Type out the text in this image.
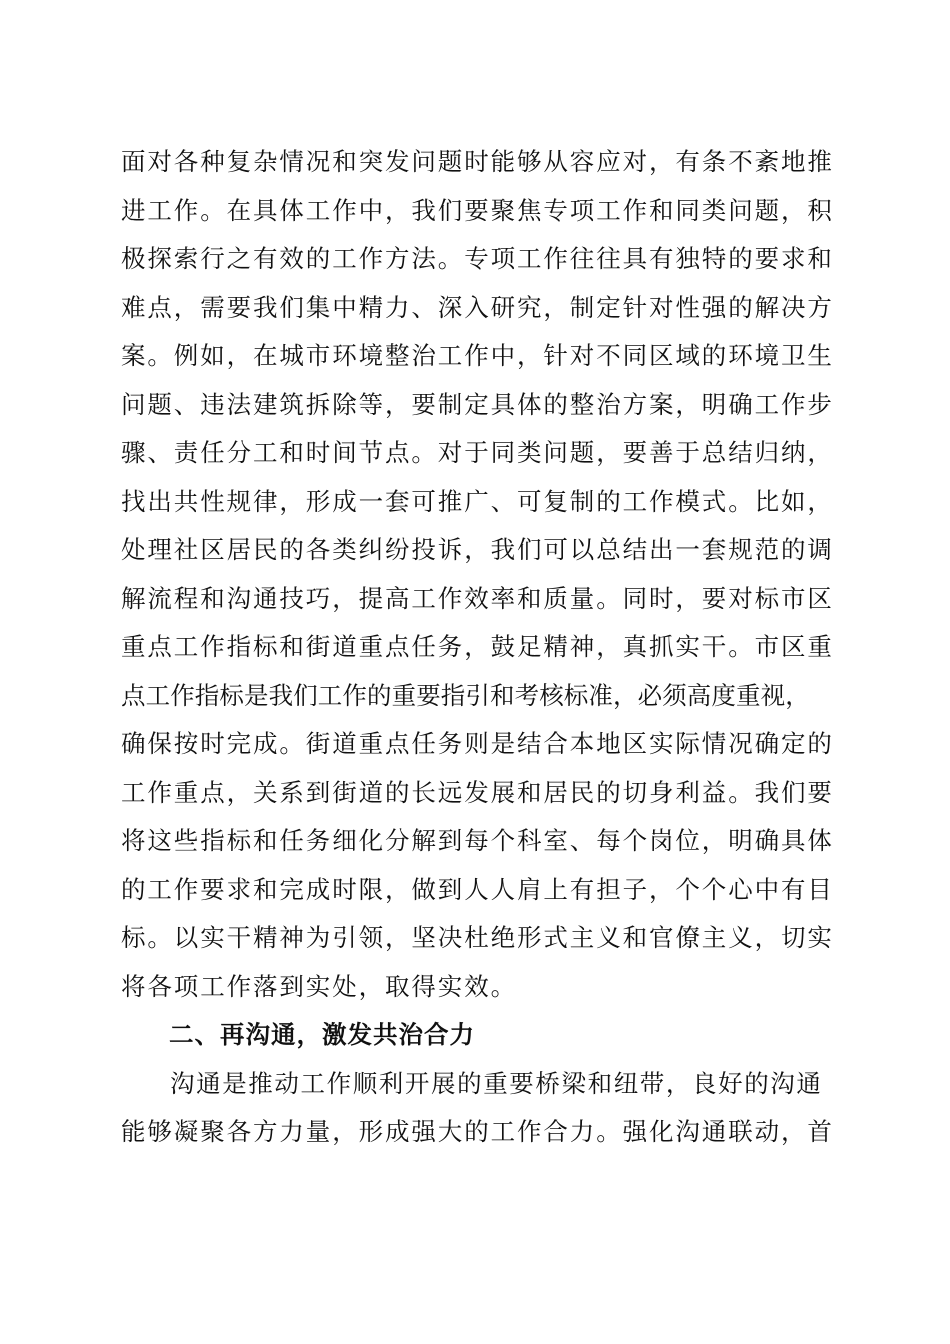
面对各种复杂情况和突发问题时能够从容应对，有条不紊地推
进工作。在具体工作中，我们要聚焦专项工作和同类问题，积
极探索行之有效的工作方法。专项工作往往具有独特的要求和
难点，需要我们集中精力、深入研究，制定针对性强的解决方
案。例如，在城市环境整治工作中，针对不同区域的环境卫生
问题、违法建筑拆除等，要制定具体的整治方案，明确工作步
骤、责任分工和时间节点。对于同类问题，要善于总结归纳，
找出共性规律，形成一套可推广、可复制的工作模式。比如，
处理社区居民的各类纠纷投诉，我们可以总结出一套规范的调
解流程和沟通技巧，提高工作效率和质量。同时，要对标市区
重点工作指标和街道重点任务，鼓足精神，真抓实干。市区重
点工作指标是我们工作的重要指引和考核标准，必须高度重视，
确保按时完成。街道重点任务则是结合本地区实际情况确定的
工作重点，关系到街道的长远发展和居民的切身利益。我们要
将这些指标和任务细化分解到每个科室、每个岗位，明确具体
的工作要求和完成时限，做到人人肩上有担子，个个心中有目
标。以实干精神为引领，坚决杜绝形式主义和官僚主义，切实
将各项工作落到实处，取得实效。
二、再沟通，激发共治合力
沟通是推动工作顺利开展的重要桥梁和纽带，良好的沟通
能够凝聚各方力量，形成强大的工作合力。强化沟通联动，首
